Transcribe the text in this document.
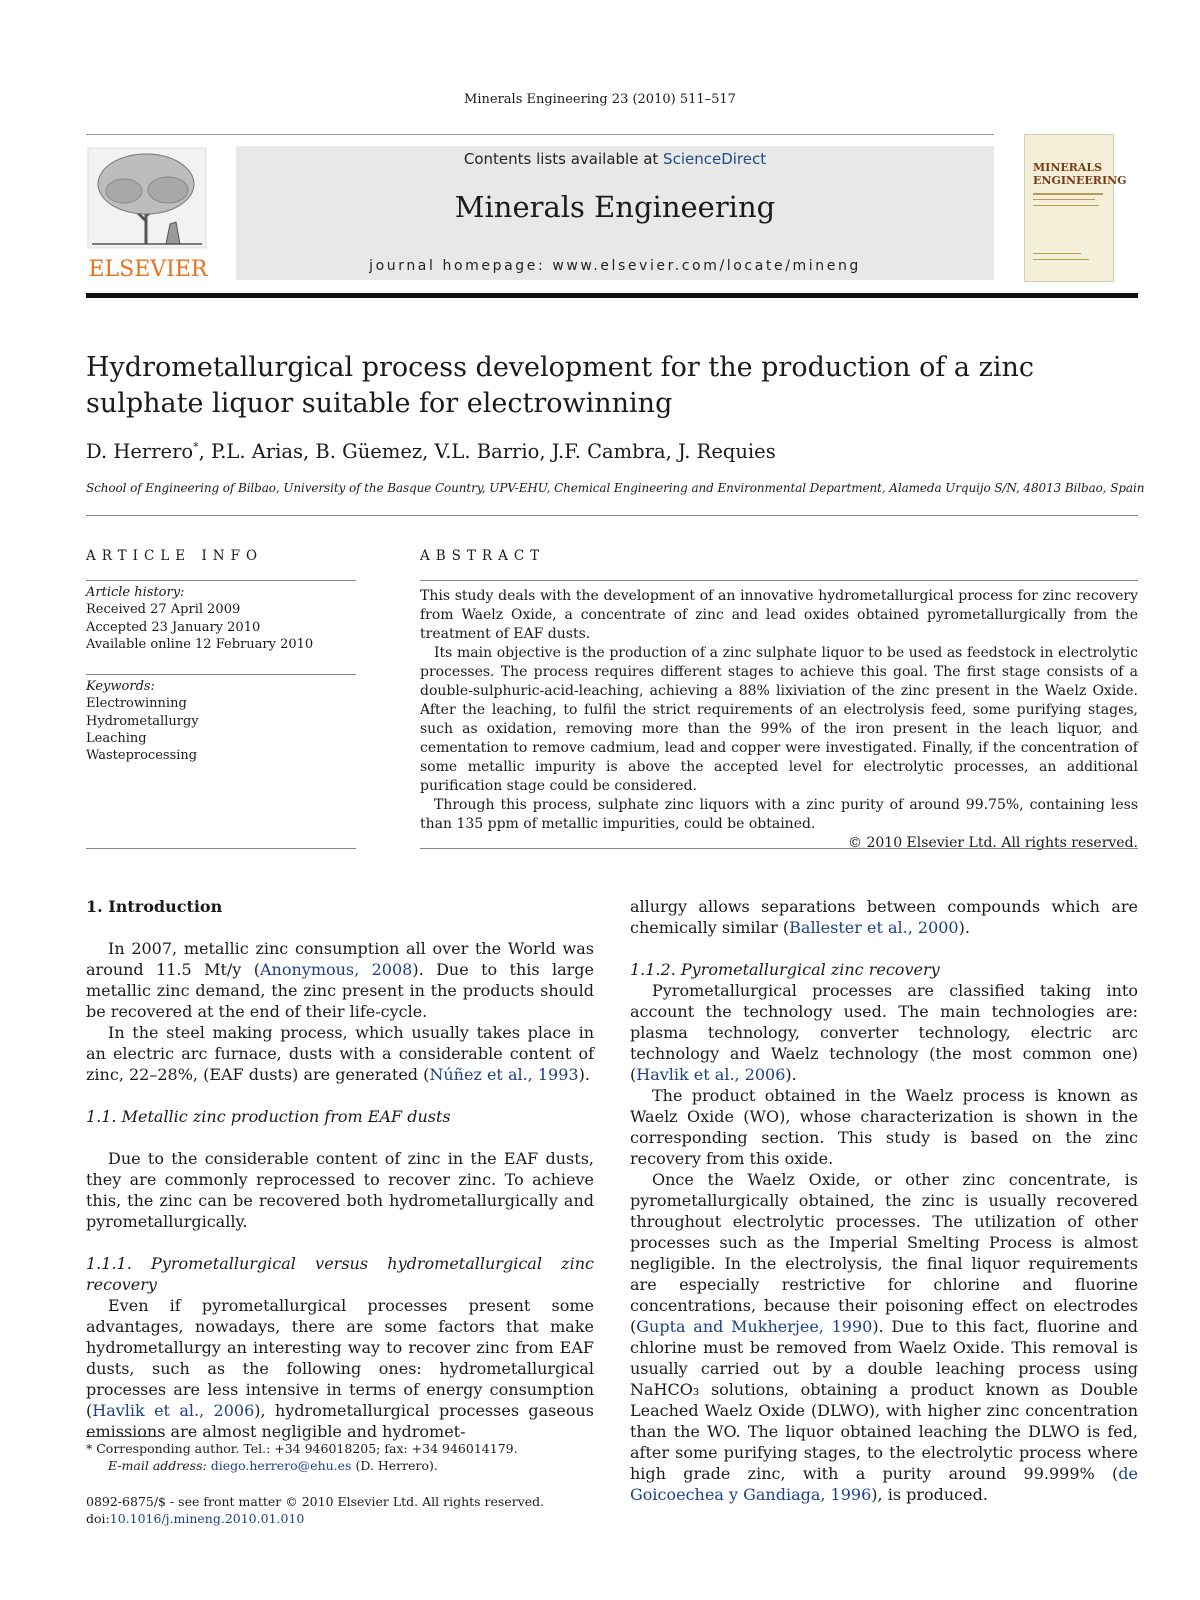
Minerals Engineering 23 (2010) 511–517
ELSEVIER
Contents lists available at ScienceDirect
Minerals Engineering
journal homepage: www.elsevier.com/locate/mineng
MINERALS
ENGINEERING
Hydrometallurgical process development for the production of a zinc sulphate liquor suitable for electrowinning
D. Herrero*, P.L. Arias, B. Güemez, V.L. Barrio, J.F. Cambra, J. Requies
School of Engineering of Bilbao, University of the Basque Country, UPV-EHU, Chemical Engineering and Environmental Department, Alameda Urquijo S/N, 48013 Bilbao, Spain
ARTICLE INFO	ABSTRACT
Article history:
Received 27 April 2009
Accepted 23 January 2010
Available online 12 February 2010
Keywords:
Electrowinning
Hydrometallurgy
Leaching
Wasteprocessing

This study deals with the development of an innovative hydrometallurgical process for zinc recovery from Waelz Oxide, a concentrate of zinc and lead oxides obtained pyrometallurgically from the treatment of EAF dusts.

Its main objective is the production of a zinc sulphate liquor to be used as feedstock in electrolytic processes. The process requires different stages to achieve this goal. The first stage consists of a double-sulphuric-acid-leaching, achieving a 88% lixiviation of the zinc present in the Waelz Oxide. After the leaching, to fulfil the strict requirements of an electrolysis feed, some purifying stages, such as oxidation, removing more than the 99% of the iron present in the leach liquor, and cementation to remove cadmium, lead and copper were investigated. Finally, if the concentration of some metallic impurity is above the accepted level for electrolytic processes, an additional purification stage could be considered.

Through this process, sulphate zinc liquors with a zinc purity of around 99.75%, containing less than 135 ppm of metallic impurities, could be obtained.

© 2010 Elsevier Ltd. All rights reserved.

1. Introduction

In 2007, metallic zinc consumption all over the World was around 11.5 Mt/y (Anonymous, 2008). Due to this large metallic zinc demand, the zinc present in the products should be recovered at the end of their life-cycle.

In the steel making process, which usually takes place in an electric arc furnace, dusts with a considerable content of zinc, 22–28%, (EAF dusts) are generated (Núñez et al., 1993).

1.1. Metallic zinc production from EAF dusts

Due to the considerable content of zinc in the EAF dusts, they are commonly reprocessed to recover zinc. To achieve this, the zinc can be recovered both hydrometallurgically and pyrometallurgically.

1.1.1. Pyrometallurgical versus hydrometallurgical zinc recovery

Even if pyrometallurgical processes present some advantages, nowadays, there are some factors that make hydrometallurgy an interesting way to recover zinc from EAF dusts, such as the following ones: hydrometallurgical processes are less intensive in terms of energy consumption (Havlik et al., 2006), hydrometallurgical processes gaseous emissions are almost negligible and hydromet-

allurgy allows separations between compounds which are chemically similar (Ballester et al., 2000).

1.1.2. Pyrometallurgical zinc recovery

Pyrometallurgical processes are classified taking into account the technology used. The main technologies are: plasma technology, converter technology, electric arc technology and Waelz technology (the most common one) (Havlik et al., 2006).

The product obtained in the Waelz process is known as Waelz Oxide (WO), whose characterization is shown in the corresponding section. This study is based on the zinc recovery from this oxide.

Once the Waelz Oxide, or other zinc concentrate, is pyrometallurgically obtained, the zinc is usually recovered throughout electrolytic processes. The utilization of other processes such as the Imperial Smelting Process is almost negligible. In the electrolysis, the final liquor requirements are especially restrictive for chlorine and fluorine concentrations, because their poisoning effect on electrodes (Gupta and Mukherjee, 1990). Due to this fact, fluorine and chlorine must be removed from Waelz Oxide. This removal is usually carried out by a double leaching process using NaHCO₃ solutions, obtaining a product known as Double Leached Waelz Oxide (DLWO), with higher zinc concentration than the WO. The liquor obtained leaching the DLWO is fed, after some purifying stages, to the electrolytic process where high grade zinc, with a purity around 99.999% (de Goicoechea y Gandiaga, 1996), is produced.

* Corresponding author. Tel.: +34 946018205; fax: +34 946014179.
E-mail address: diego.herrero@ehu.es (D. Herrero).
0892-6875/$ - see front matter © 2010 Elsevier Ltd. All rights reserved.
doi:10.1016/j.mineng.2010.01.010
